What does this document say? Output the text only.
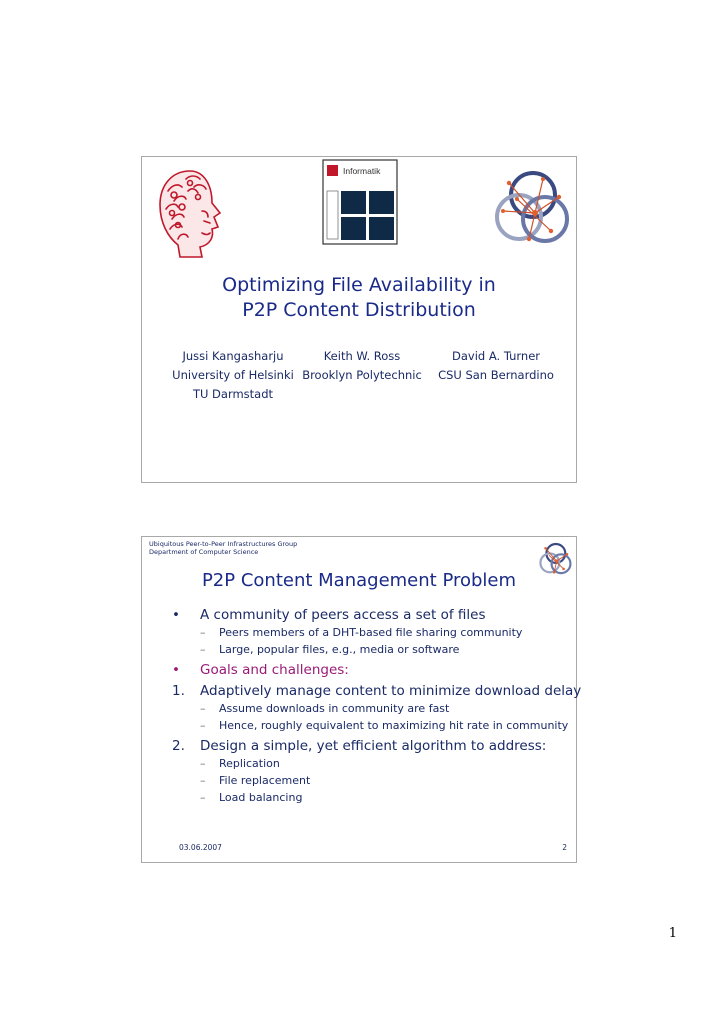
Informatik
Optimizing File Availability in
P2P Content Distribution
Jussi Kangasharju
University of Helsinki
TU Darmstadt
Keith W. Ross
Brooklyn Polytechnic
David A. Turner
CSU San Bernardino
Ubiquitous Peer-to-Peer Infrastructures Group
Department of Computer Science
P2P Content Management Problem
•	A community of peers access a set of files
– Peers members of a DHT-based file sharing community
– Large, popular files, e.g., media or software
•	Goals and challenges:
1.	Adaptively manage content to minimize download delay
– Assume downloads in community are fast
– Hence, roughly equivalent to maximizing hit rate in community
2.	Design a simple, yet efficient algorithm to address:
– Replication
– File replacement
– Load balancing
03.06.2007	2
1
